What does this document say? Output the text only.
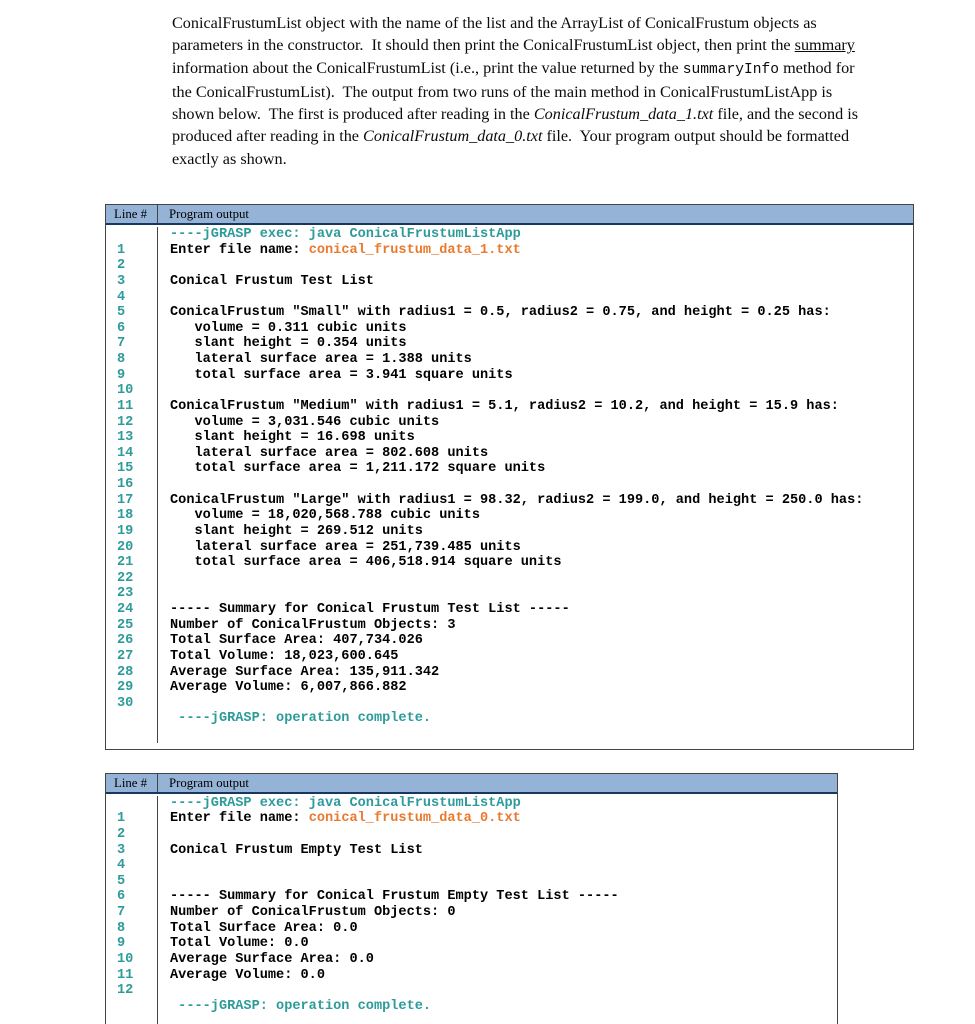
ConicalFrustumList object with the name of the list and the ArrayList of ConicalFrustum objects as parameters in the constructor.  It should then print the ConicalFrustumList object, then print the summary information about the ConicalFrustumList (i.e., print the value returned by the summaryInfo method for the ConicalFrustumList).  The output from two runs of the main method in ConicalFrustumListApp is shown below.  The first is produced after reading in the ConicalFrustum_data_1.txt file, and the second is produced after reading in the ConicalFrustum_data_0.txt file.  Your program output should be formatted exactly as shown.

Line #	Program output
----jGRASP exec: java ConicalFrustumListApp
1	Enter file name: conical_frustum_data_1.txt
2
3	Conical Frustum Test List
4
5	ConicalFrustum "Small" with radius1 = 0.5, radius2 = 0.75, and height = 0.25 has:
6	volume = 0.311 cubic units
7	slant height = 0.354 units
8	lateral surface area = 1.388 units
9	total surface area = 3.941 square units
10
11	ConicalFrustum "Medium" with radius1 = 5.1, radius2 = 10.2, and height = 15.9 has:
12	volume = 3,031.546 cubic units
13	slant height = 16.698 units
14	lateral surface area = 802.608 units
15	total surface area = 1,211.172 square units
16
17	ConicalFrustum "Large" with radius1 = 98.32, radius2 = 199.0, and height = 250.0 has:
18	volume = 18,020,568.788 cubic units
19	slant height = 269.512 units
20	lateral surface area = 251,739.485 units
21	total surface area = 406,518.914 square units
22
23
24	----- Summary for Conical Frustum Test List -----
25	Number of ConicalFrustum Objects: 3
26	Total Surface Area: 407,734.026
27	Total Volume: 18,023,600.645
28	Average Surface Area: 135,911.342
29	Average Volume: 6,007,866.882
30
----jGRASP: operation complete.
Line #	Program output
----jGRASP exec: java ConicalFrustumListApp
1	Enter file name: conical_frustum_data_0.txt
2
3	Conical Frustum Empty Test List
4
5
6	----- Summary for Conical Frustum Empty Test List -----
7	Number of ConicalFrustum Objects: 0
8	Total Surface Area: 0.0
9	Total Volume: 0.0
10	Average Surface Area: 0.0
11	Average Volume: 0.0
12
----jGRASP: operation complete.
